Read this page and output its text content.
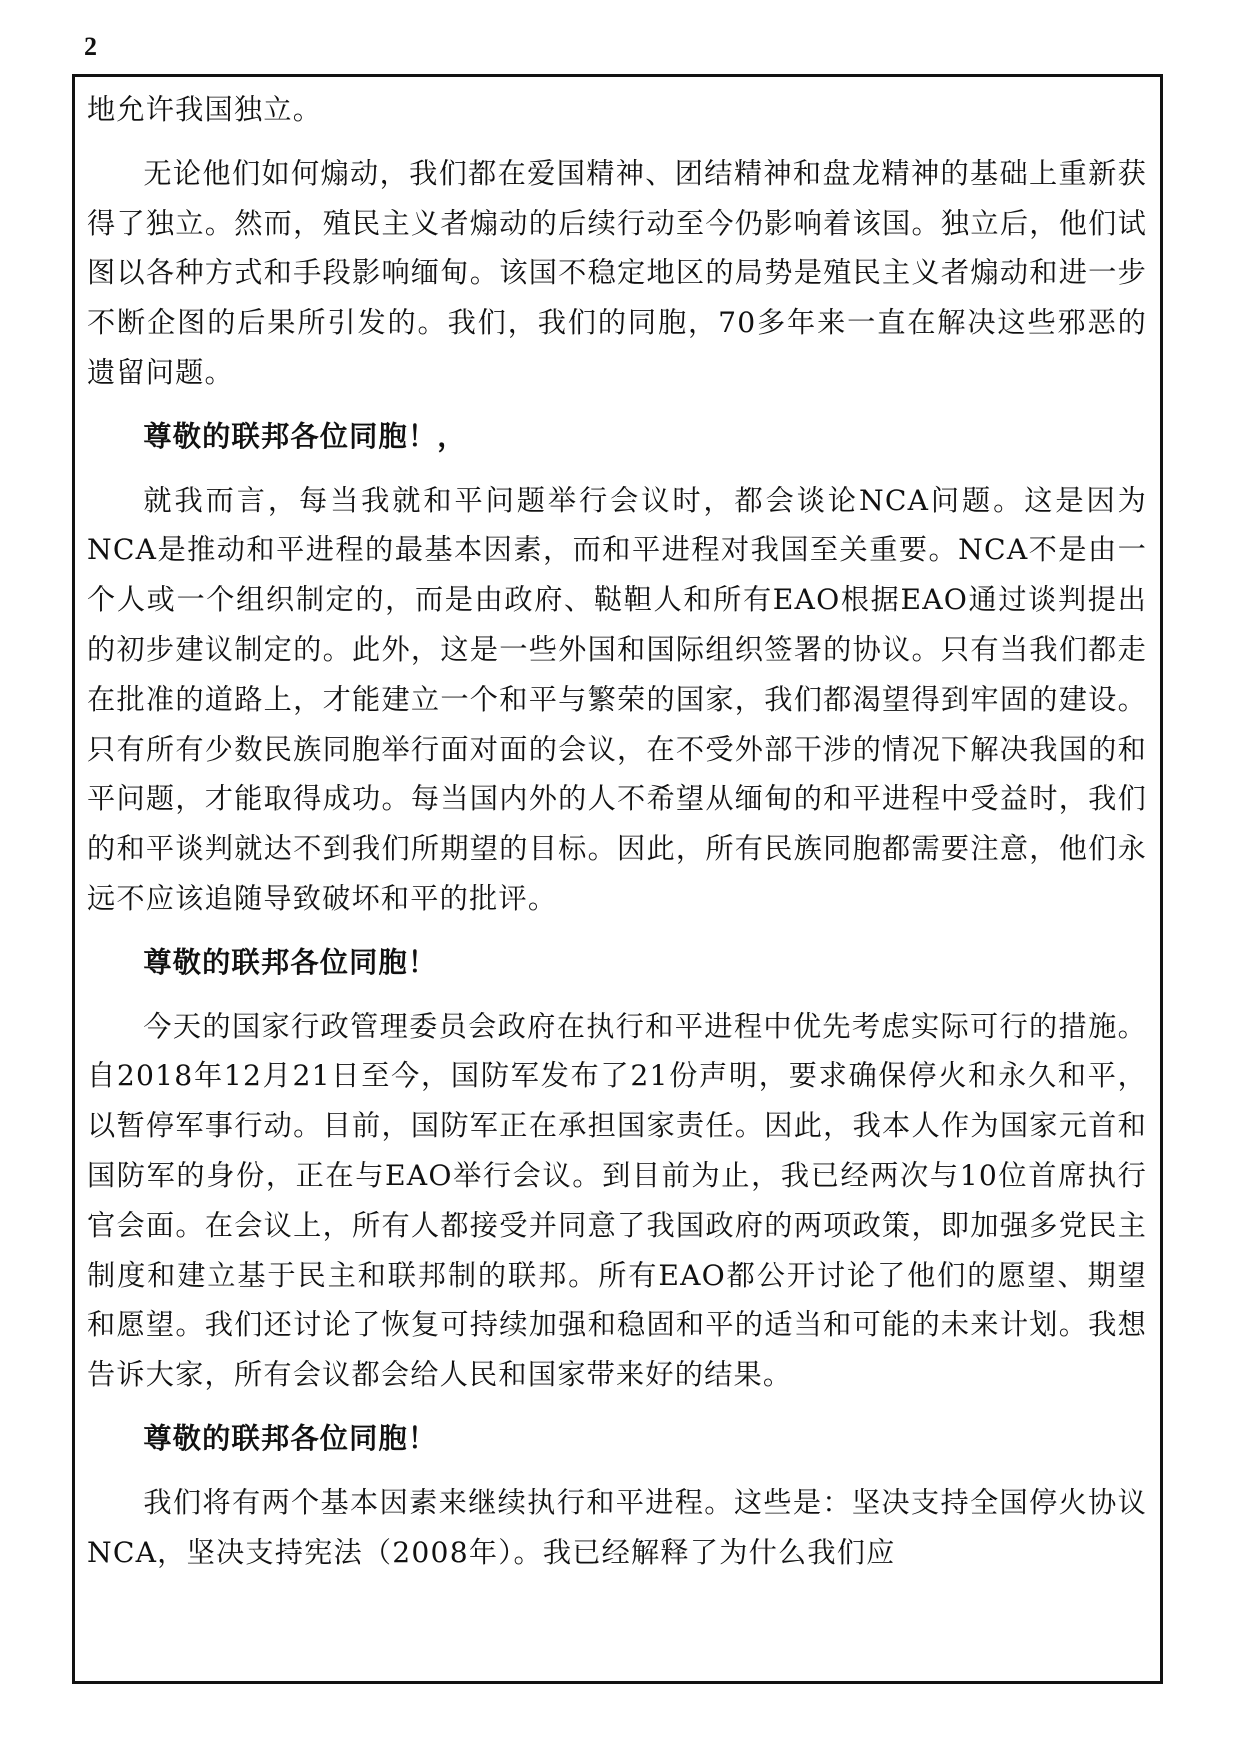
2

地允许我国独立。

无论他们如何煽动，我们都在爱国精神、团结精神和盘龙精神的基础上重新获得了独立。然而，殖民主义者煽动的后续行动至今仍影响着该国。独立后，他们试图以各种方式和手段影响缅甸。该国不稳定地区的局势是殖民主义者煽动和进一步不断企图的后果所引发的。我们，我们的同胞，70多年来一直在解决这些邪恶的遗留问题。

尊敬的联邦各位同胞！，

就我而言，每当我就和平问题举行会议时，都会谈论NCA问题。这是因为NCA是推动和平进程的最基本因素，而和平进程对我国至关重要。NCA不是由一个人或一个组织制定的，而是由政府、鞑靼人和所有EAO根据EAO通过谈判提出的初步建议制定的。此外，这是一些外国和国际组织签署的协议。只有当我们都走在批准的道路上，才能建立一个和平与繁荣的国家，我们都渴望得到牢固的建设。只有所有少数民族同胞举行面对面的会议，在不受外部干涉的情况下解决我国的和平问题，才能取得成功。每当国内外的人不希望从缅甸的和平进程中受益时，我们的和平谈判就达不到我们所期望的目标。因此，所有民族同胞都需要注意，他们永远不应该追随导致破坏和平的批评。

尊敬的联邦各位同胞！

今天的国家行政管理委员会政府在执行和平进程中优先考虑实际可行的措施。自2018年12月21日至今，国防军发布了21份声明，要求确保停火和永久和平，以暂停军事行动。目前，国防军正在承担国家责任。因此，我本人作为国家元首和国防军的身份，正在与EAO举行会议。到目前为止，我已经两次与10位首席执行官会面。在会议上，所有人都接受并同意了我国政府的两项政策，即加强多党民主制度和建立基于民主和联邦制的联邦。所有EAO都公开讨论了他们的愿望、期望和愿望。我们还讨论了恢复可持续加强和稳固和平的适当和可能的未来计划。我想告诉大家，所有会议都会给人民和国家带来好的结果。

尊敬的联邦各位同胞！

我们将有两个基本因素来继续执行和平进程。这些是：坚决支持全国停火协议NCA，坚决支持宪法（2008年）。我已经解释了为什么我们应
